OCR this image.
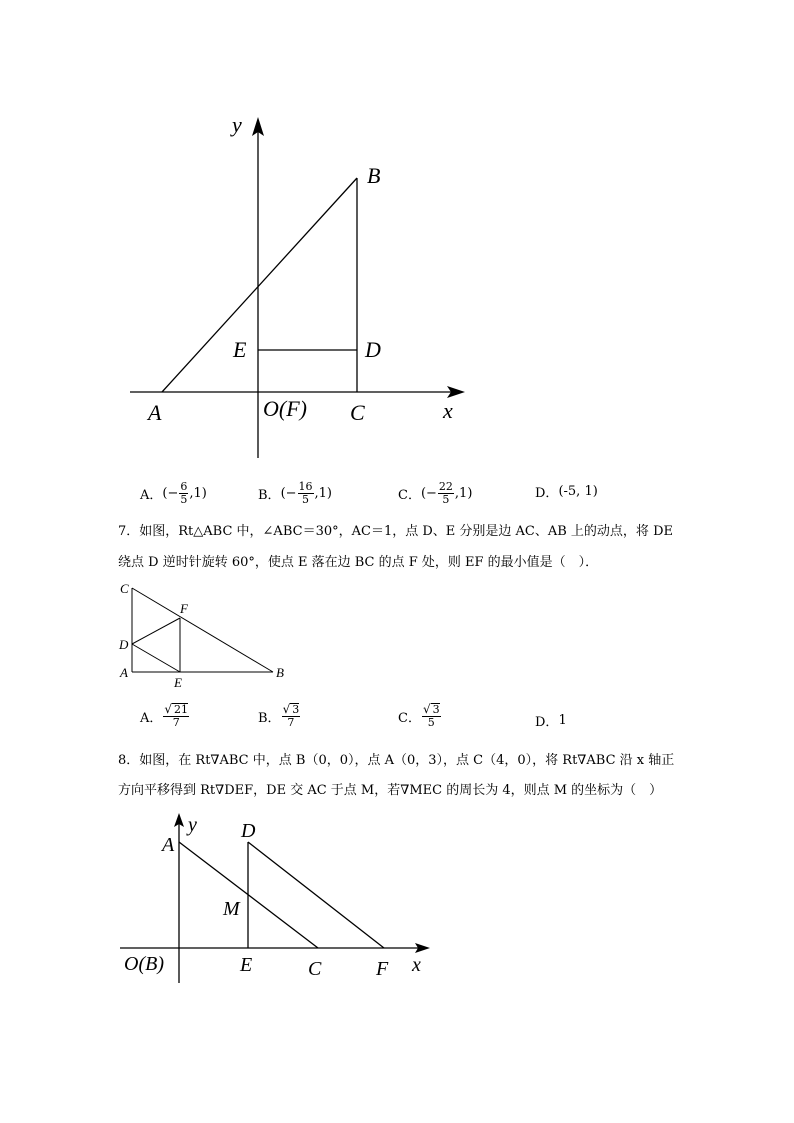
y
B
E	D
A	O(F) C	x
A． (− $\frac{6}{5} ,1$)	B． (− $\frac{16}{5} ,1$)	C． (− $\frac{22}{5} ,1$)	D． (-5, 1)
7．如图，Rt△ABC 中，∠ABC＝30°，AC＝1，点 D、E 分别是边 AC、AB 上的动点，将 DE
绕点 D 逆时针旋转 60°，使点 E 落在边 BC 的点 F 处，则 EF 的最小值是（　）．
C
F
D
A
E
B
A． √ $\frac{21}{7}$	B． √ $\frac{3}{7}$	C． √ $\frac{3}{5}$	D． 1
8．如图，在 Rt∇ABC 中，点 B（0，0），点 A（0，3），点 C（4，0），将 Rt∇ABC 沿 x 轴正
方向平移得到 Rt∇DEF，DE 交 AC 于点 M，若∇MEC 的周长为 4，则点 M 的坐标为（　）
y
A
D
M
O(B)	E	C	F x
